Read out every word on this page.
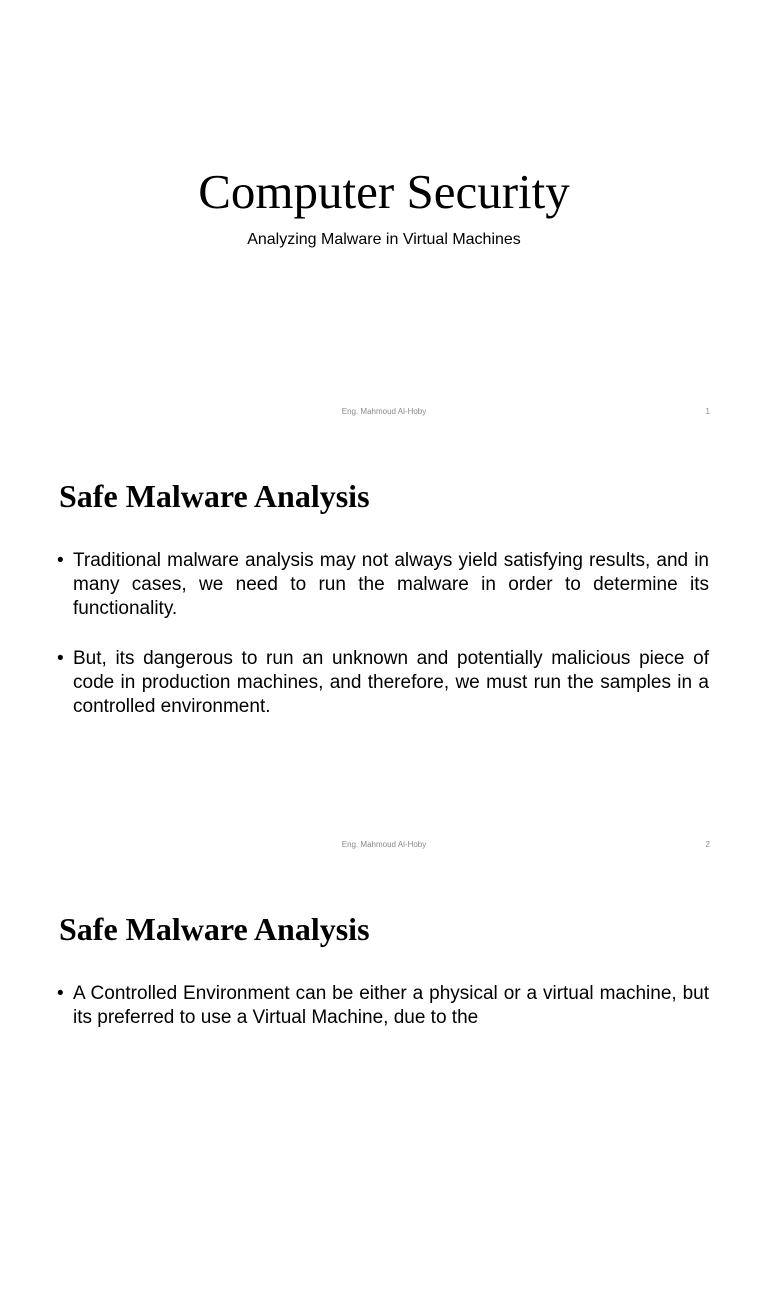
Computer Security
Analyzing Malware in Virtual Machines
Eng. Mahmoud Al-Hoby	1
Safe Malware Analysis
• Traditional malware analysis may not always yield satisfying results, and in many cases, we need to run the malware in order to determine its functionality.
• But, its dangerous to run an unknown and potentially malicious piece of code in production machines, and therefore, we must run the samples in a controlled environment.
Eng. Mahmoud Al-Hoby	2
Safe Malware Analysis
• A Controlled Environment can be either a physical or a virtual machine, but its preferred to use a Virtual Machine, due to the
